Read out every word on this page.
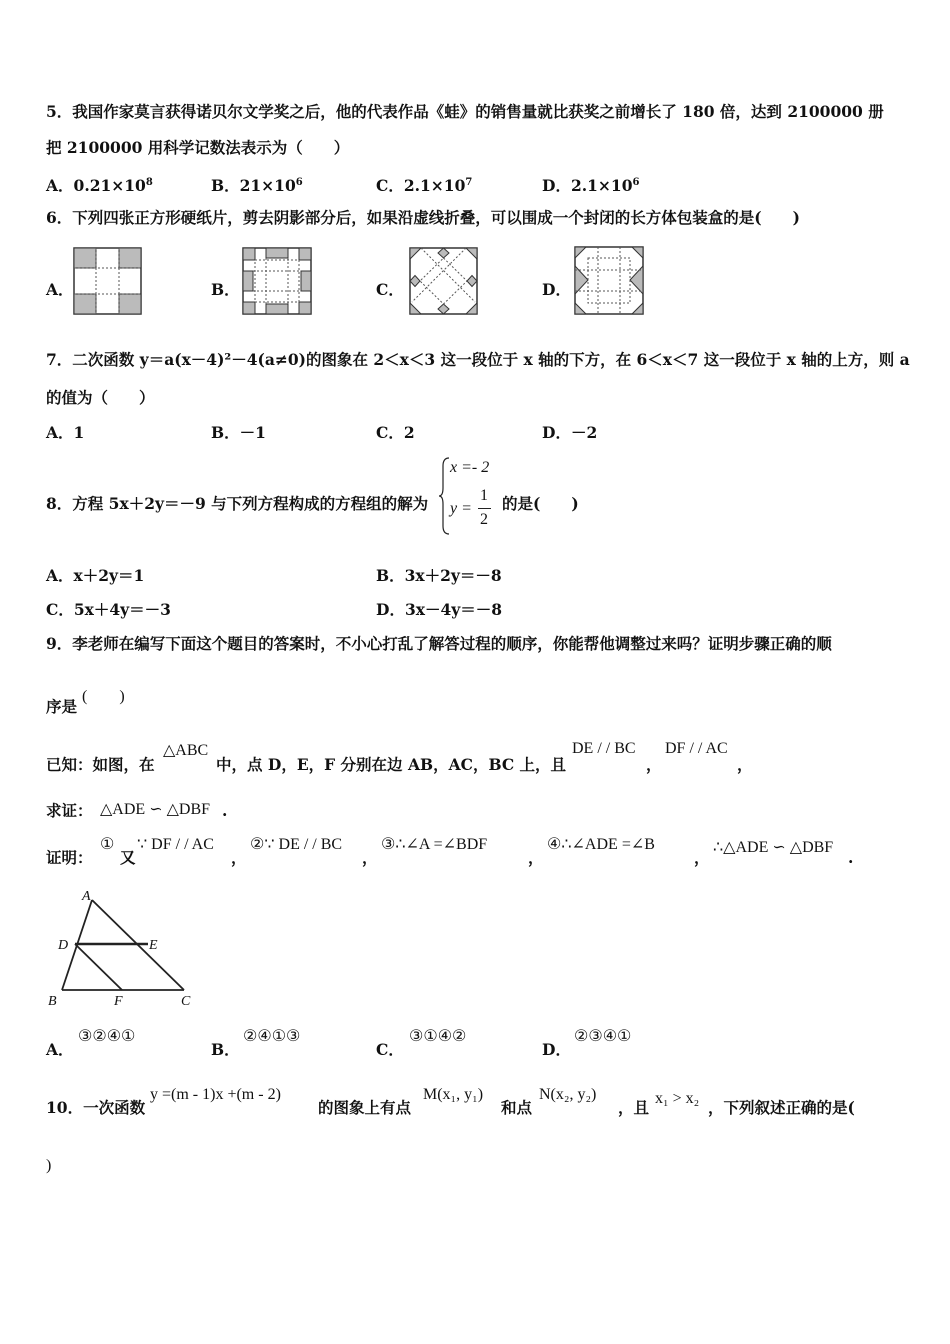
5．我国作家莫言获得诺贝尔文学奖之后，他的代表作品《蛙》的销售量就比获奖之前增长了 180 倍，达到 2100000 册
把 2100000 用科学记数法表示为（　　）
A．$0.21\times 10^8$	B．$21\times 10^6$	C．$2.1\times 10^7$	D．$2.1\times 10^6$
6．下列四张正方形硬纸片，剪去阴影部分后，如果沿虚线折叠，可以围成一个封闭的长方体包装盒的是(　　)
A．	B．	C．	D．
7．二次函数 y＝a(x－4)²－4(a≠0)的图象在 2＜x＜3 这一段位于 x 轴的下方，在 6＜x＜7 这一段位于 x 轴的上方，则 a
的值为（　　）
A．1	B．－1	C．2	D．－2
8．方程 5x＋2y＝－9 与下列方程构成的方程组的解为
x =- 2
y =
1
2
的是(　　)
A．x＋2y＝1	B．3x＋2y＝－8
C．5x＋4y＝－3	D．3x－4y＝－8
9．李老师在编写下面这个题目的答案时，不小心打乱了解答过程的顺序，你能帮他调整过来吗？证明步骤正确的顺
序是
(　　)
已知：如图，在
△ABC
中，点 D，E，F 分别在边 AB，AC，BC 上，且
DE / / BC
，
DF / / AC
，
求证： △ADE ∽ △DBF .
证明：
①
又
∵ DF / / AC
，
②∵ DE / / BC
，
③∴∠A =∠BDF
，
④∴∠ADE =∠B
，
∴△ADE ∽ △DBF
.
A
D	E
B	F	C
A．
③②④①
B．
②④①③
C．
③①④②
D．
②③④①
10．一次函数
y =(m - 1)x +(m - 2)
的图象上有点
M(x₁, y₁)
和点
N(x₂, y₂)
，且 x₁ > x₂ ，下列叙述正确的是(
)
